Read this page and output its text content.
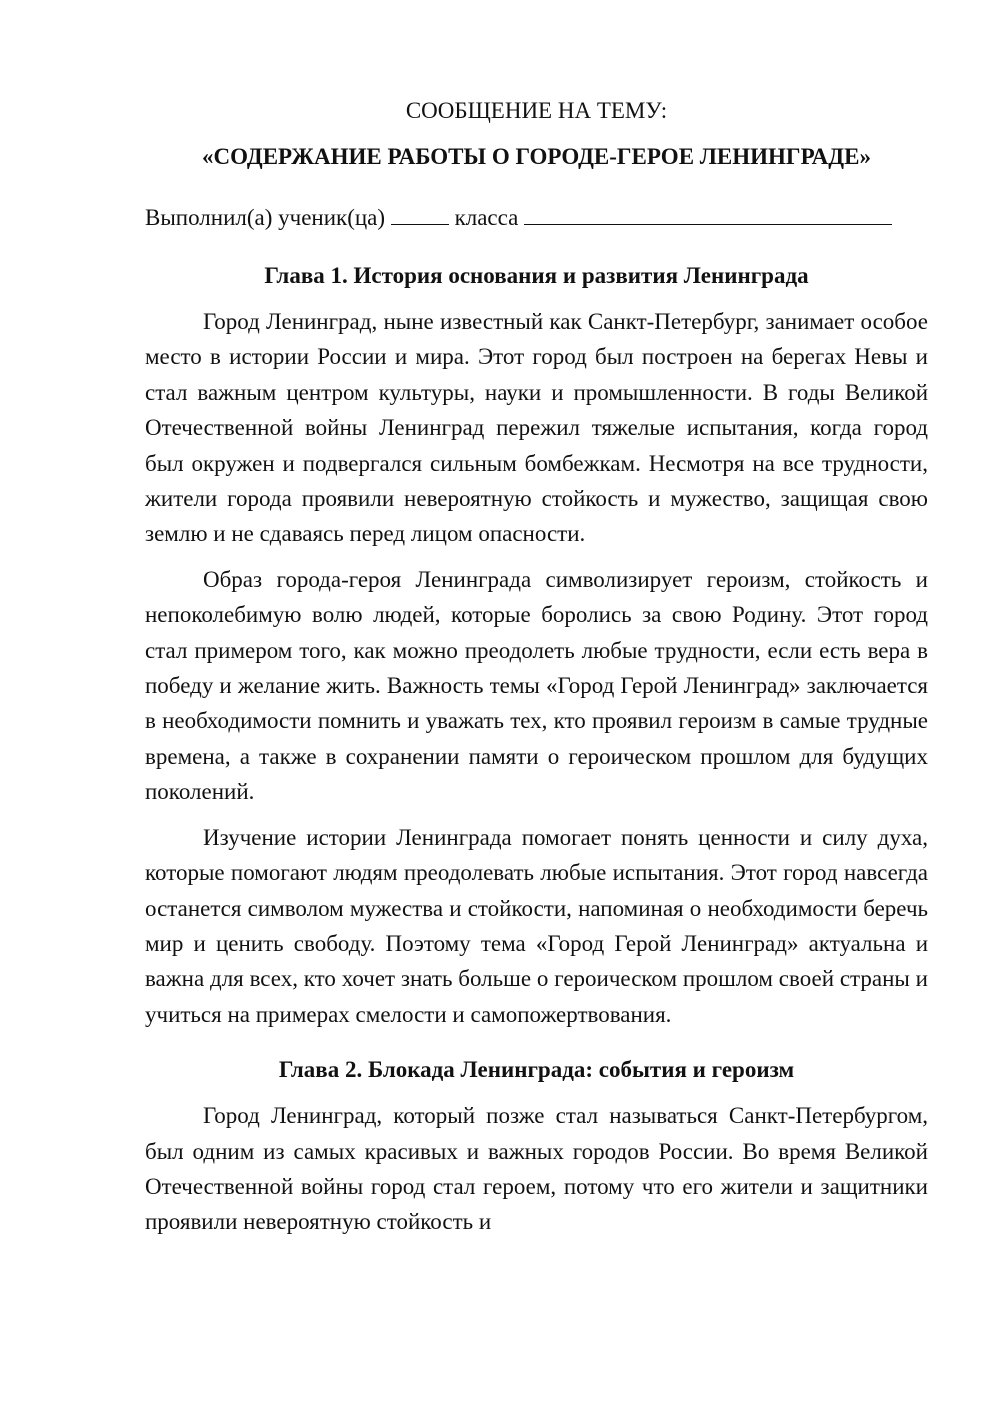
СООБЩЕНИЕ НА ТЕМУ:

«СОДЕРЖАНИЕ РАБОТЫ О ГОРОДЕ-ГЕРОЕ ЛЕНИНГРАДЕ»

Выполнил(а) ученик(ца)	класса

Глава 1. История основания и развития Ленинграда

Город Ленинград, ныне известный как Санкт-Петербург, занимает особое место в истории России и мира. Этот город был построен на берегах Невы и стал важным центром культуры, науки и промышленности. В годы Великой Отечественной войны Ленинград пережил тяжелые испытания, когда город был окружен и подвергался сильным бомбежкам. Несмотря на все трудности, жители города проявили невероятную стойкость и мужество, защищая свою землю и не сдаваясь перед лицом опасности.

Образ города-героя Ленинграда символизирует героизм, стойкость и непоколебимую волю людей, которые боролись за свою Родину. Этот город стал примером того, как можно преодолеть любые трудности, если есть вера в победу и желание жить. Важность темы «Город Герой Ленинград» заключается в необходимости помнить и уважать тех, кто проявил героизм в самые трудные времена, а также в сохранении памяти о героическом прошлом для будущих поколений.

Изучение истории Ленинграда помогает понять ценности и силу духа, которые помогают людям преодолевать любые испытания. Этот город навсегда останется символом мужества и стойкости, напоминая о необходимости беречь мир и ценить свободу. Поэтому тема «Город Герой Ленинград» актуальна и важна для всех, кто хочет знать больше о героическом прошлом своей страны и учиться на примерах смелости и самопожертвования.

Глава 2. Блокада Ленинграда: события и героизм

Город Ленинград, который позже стал называться Санкт-Петербургом, был одним из самых красивых и важных городов России. Во время Великой Отечественной войны город стал героем, потому что его жители и защитники проявили невероятную стойкость и
